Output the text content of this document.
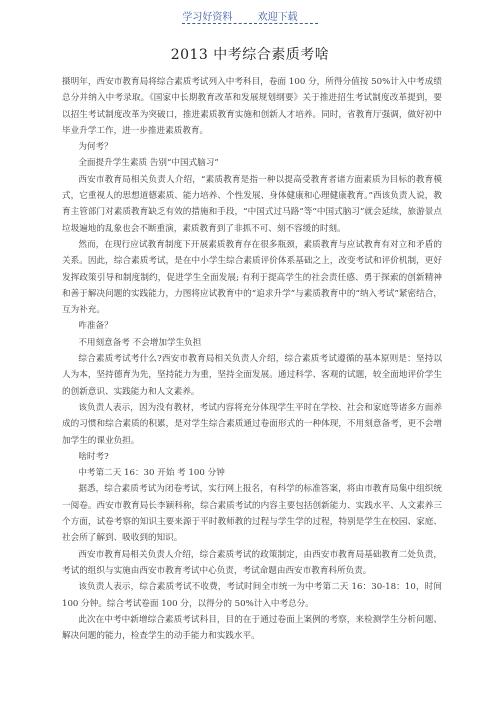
学习好资料	欢迎下载
2013 中考综合素质考啥

摄明年，西安市教育局将综合素质考试列入中考科目，卷面 100 分，所得分值按 50%计入中考成绩总分并纳入中考录取。《国家中长期教育改革和发展规划纲要》关于推进招生考试制度改革提到，要以招生考试制度改革为突破口，推进素质教育实施和创新人才培养。同时，省教育厅强调，做好初中毕业升学工作，进一步推进素质教育。

为何考？

全面提升学生素质 告别“中国式脑习”

西安市教育局相关负责人介绍，“素质教育是指一种以提高受教育者诸方面素质为目标的教育模式，它重视人的思想道德素质、能力培养、个性发展、身体健康和心理健康教育。”西该负责人说，教育主管部门对素质教育缺乏有效的措施和手段，“中国式过马路”等“中国式脑习”就会延续，旅游景点垃圾遍地的乱象也会不断重演，素质教育到了非抓不可、刻不容缓的时刻。

然而，在现行应试教育制度下开展素质教育存在很多瓶颈，素质教育与应试教育有对立和矛盾的关系。因此，综合素质考试，是在中小学生综合素质评价体系基础之上，改变考试和评价机制，更好发挥政策引导和制度制约，促进学生全面发展; 有利于提高学生的社会责任感、勇于探索的创新精神和善于解决问题的实践能力，力图将应试教育中的“追求升学”与素质教育中的“纳入考试”紧密结合，互为补充。

咋准备？

不用刻意备考 不会增加学生负担

综合素质考试考什么?西安市教育局相关负责人介绍，综合素质考试遵循的基本原则是：坚持以人为本，坚持德育为先，坚持能力为重，坚持全面发展。通过科学、客观的试题，较全面地评价学生的创新意识、实践能力和人文素养。

该负责人表示，因为没有教材，考试内容将充分体现学生平时在学校、社会和家庭等诸多方面养成的习惯和综合素质的积累，是对学生综合素质通过卷面形式的一种体现，不用刻意备考，更不会增加学生的课业负担。

啥时考?

中考第二天 16：30 开始 考 100 分钟

据悉，综合素质考试为闭卷考试，实行网上报名，有科学的标准答案，将由市教育局集中组织统一阅卷。西安市教育局长李颖科称，综合素质考试的内容主要包括创新能力、实践水平、人文素养三个方面，试卷考察的知识主要来源于平时教师教的过程与学生学的过程，特别是学生在校园、家庭、社会所了解到、吸收到的知识。

西安市教育局相关负责人介绍，综合素质考试的政策制定，由西安市教育局基础教育二处负责，考试的组织与实施由西安市教育考试中心负责，考试命题由西安市教育科所负责。

该负责人表示，综合素质考试不收费，考试时间全市统一为中考第二天 16：30-18：10，时间100 分钟。综合考试卷面 100 分，以得分的 50%计入中考总分。

此次在中考中新增综合素质考试科目，目的在于通过卷面上案例的考察，来检测学生分析问题、解决问题的能力，检查学生的动手能力和实践水平。
